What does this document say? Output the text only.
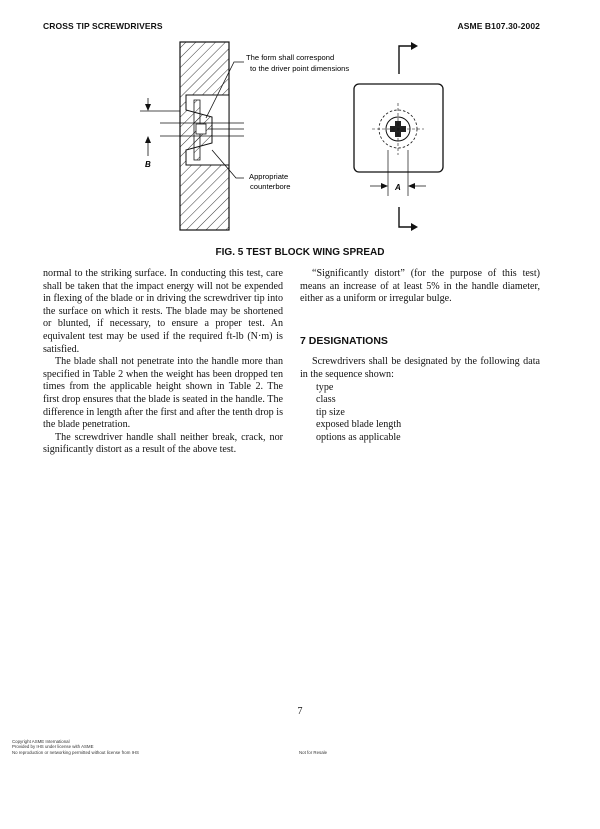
CROSS TIP SCREWDRIVERS	ASME B107.30-2002
B
The form shall correspond
to the driver point dimensions
Appropriate
counterbore	A
FIG. 5 TEST BLOCK WING SPREAD

normal to the striking surface. In conducting this test, care shall be taken that the impact energy will not be expended in flexing of the blade or in driving the screwdriver tip into the surface on which it rests. The blade may be shortened or blunted, if necessary, to ensure a proper test. An equivalent test may be used if the required ft-lb (N·m) is satisfied.

The blade shall not penetrate into the handle more than specified in Table 2 when the weight has been dropped ten times from the applicable height shown in Table 2. The first drop ensures that the blade is seated in the handle. The difference in length after the first and after the tenth drop is the blade penetration.

The screwdriver handle shall neither break, crack, nor significantly distort as a result of the above test.

“Significantly distort” (for the purpose of this test) means an increase of at least 5% in the handle diameter, either as a uniform or irregular bulge.

7 DESIGNATIONS

Screwdrivers shall be designated by the following data in the sequence shown:

type
class
tip size
exposed blade length
options as applicable
7
Copyright ASME International
Provided by IHS under license with ASME
No reproduction or networking permitted without license from IHS	Not for Resale
